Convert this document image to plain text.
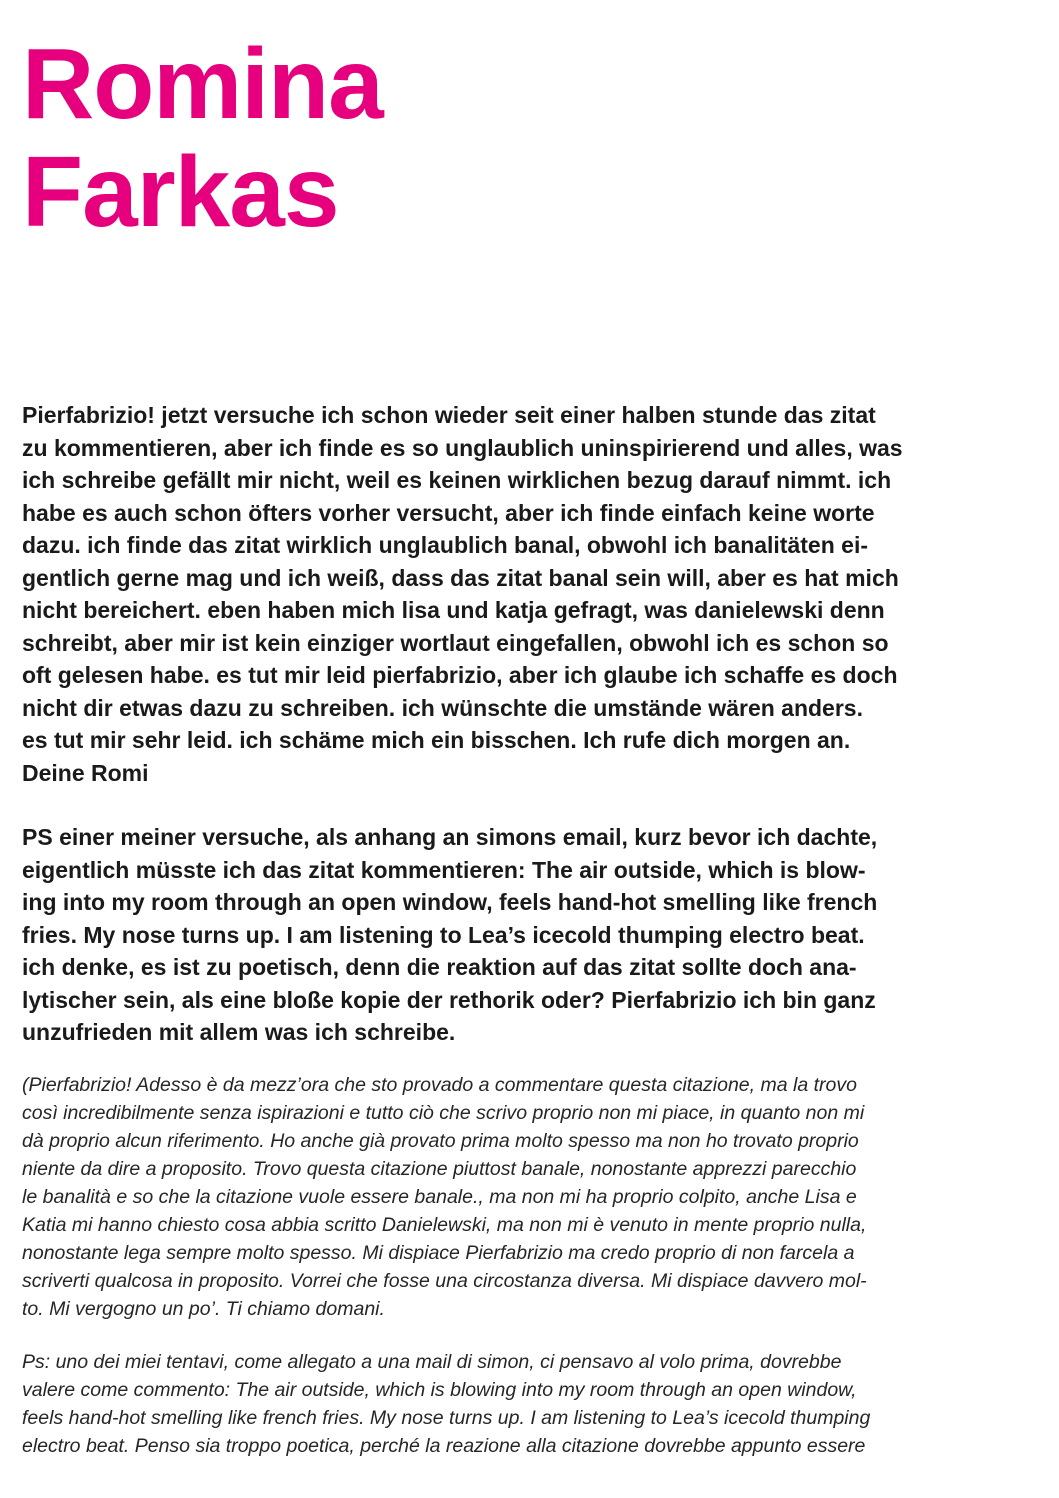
Romina
Farkas
Pierfabrizio! jetzt versuche ich schon wieder seit einer halben stunde das zitat
zu kommentieren, aber ich finde es so unglaublich uninspirierend und alles, was
ich schreibe gefällt mir nicht, weil es keinen wirklichen bezug darauf nimmt. ich
habe es auch schon öfters vorher versucht, aber ich finde einfach keine worte
dazu. ich finde das zitat wirklich unglaublich banal, obwohl ich banalitäten ei-
gentlich gerne mag und ich weiß, dass das zitat banal sein will, aber es hat mich
nicht bereichert. eben haben mich lisa und katja gefragt, was danielewski denn
schreibt, aber mir ist kein einziger wortlaut eingefallen, obwohl ich es schon so
oft gelesen habe. es tut mir leid pierfabrizio, aber ich glaube ich schaffe es doch
nicht dir etwas dazu zu schreiben. ich wünschte die umstände wären anders.
es tut mir sehr leid. ich schäme mich ein bisschen. Ich rufe dich morgen an.
Deine Romi
PS einer meiner versuche, als anhang an simons email, kurz bevor ich dachte,
eigentlich müsste ich das zitat kommentieren: The air outside, which is blow-
ing into my room through an open window, feels hand-hot smelling like french
fries. My nose turns up. I am listening to Lea’s icecold thumping electro beat.
ich denke, es ist zu poetisch, denn die reaktion auf das zitat sollte doch ana-
lytischer sein, als eine bloße kopie der rethorik oder? Pierfabrizio ich bin ganz
unzufrieden mit allem was ich schreibe.
(Pierfabrizio! Adesso è da mezz’ora che sto provado a commentare questa citazione, ma la trovo
così incredibilmente senza ispirazioni e tutto ciò che scrivo proprio non mi piace, in quanto non mi
dà proprio alcun riferimento. Ho anche già provato prima molto spesso ma non ho trovato proprio
niente da dire a proposito. Trovo questa citazione piuttost banale, nonostante apprezzi parecchio
le banalità e so che la citazione vuole essere banale., ma non mi ha proprio colpito, anche Lisa e
Katia mi hanno chiesto cosa abbia scritto Danielewski, ma non mi è venuto in mente proprio nulla,
nonostante lega sempre molto spesso. Mi dispiace Pierfabrizio ma credo proprio di non farcela a
scriverti qualcosa in proposito. Vorrei che fosse una circostanza diversa. Mi dispiace davvero mol-
to. Mi vergogno un po’. Ti chiamo domani.
Ps: uno dei miei tentavi, come allegato a una mail di simon, ci pensavo al volo prima, dovrebbe
valere come commento: The air outside, which is blowing into my room through an open window,
feels hand-hot smelling like french fries. My nose turns up. I am listening to Lea’s icecold thumping
electro beat. Penso sia troppo poetica, perché la reazione alla citazione dovrebbe appunto essere
